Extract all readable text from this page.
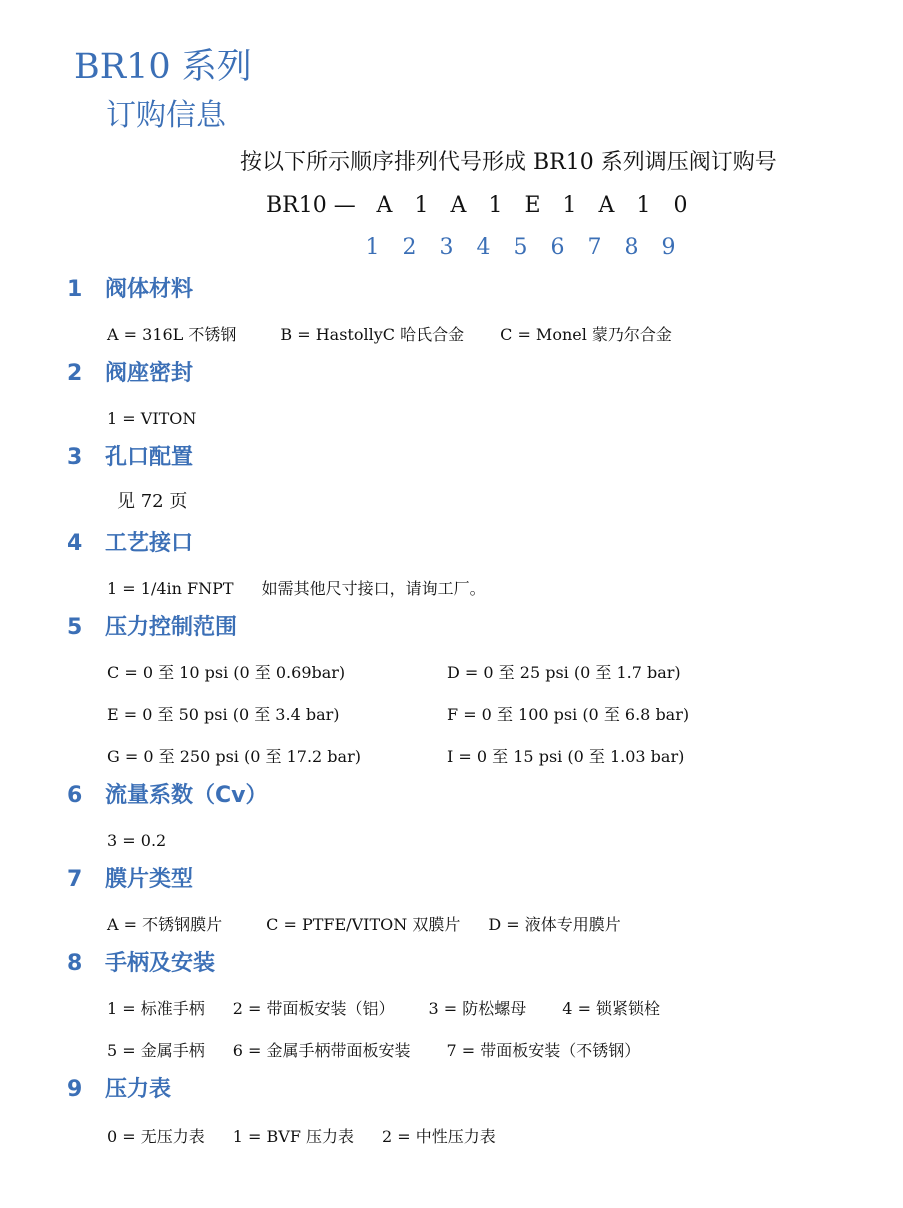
BR10 系列
订购信息
按以下所示顺序排列代号形成 BR10 系列调压阀订购号
BR10 — A	1	A	1 E 1	A	1	0
1	2	3	4	5	6	7	8	9
1 阀体材料
A = 316L 不锈钢	B = HastollyC 哈氏合金 C = Monel 蒙乃尔合金
2 阀座密封
1 = VITON
3 孔口配置
见 72 页
4 工艺接口
1 = 1/4in FNPT 如需其他尺寸接口，请询工厂。
5 压力控制范围
C = 0 至 10 psi (0 至 0.69bar)	D = 0 至 25 psi (0 至 1.7 bar)
E = 0 至 50 psi (0 至 3.4 bar)	F = 0 至 100 psi (0 至 6.8 bar)
G = 0 至 250 psi (0 至 17.2 bar)	I = 0 至 15 psi (0 至 1.03 bar)
6 流量系数（Cv）
3 = 0.2
7 膜片类型
A = 不锈钢膜片	C = PTFE/VITON 双膜片 D = 液体专用膜片
8 手柄及安装
1 = 标准手柄 2 = 带面板安装（铝） 3 = 防松螺母 4 = 锁紧锁栓
5 = 金属手柄 6 = 金属手柄带面板安装 7 = 带面板安装（不锈钢）
9 压力表
0 = 无压力表 1 = BVF 压力表 2 = 中性压力表
